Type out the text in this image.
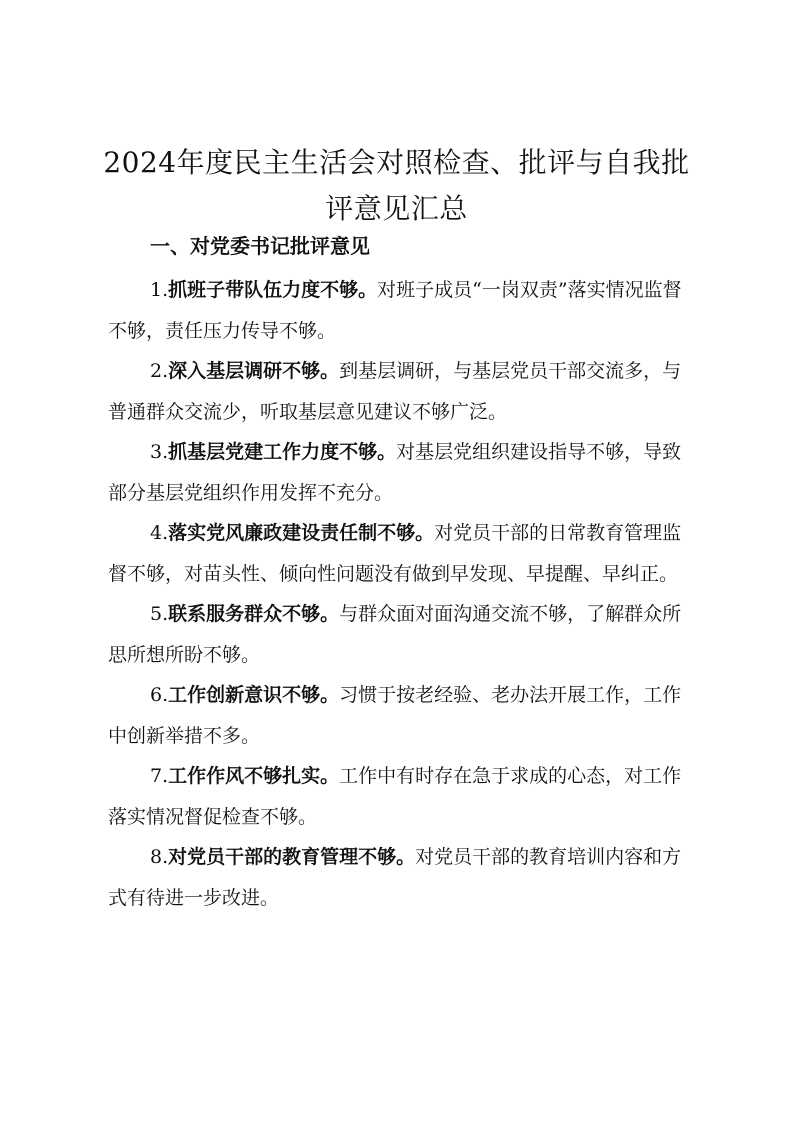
2024年度民主生活会对照检查、批评与自我批评意见汇总
一、对党委书记批评意见

1.抓班子带队伍力度不够。对班子成员“一岗双责”落实情况监督不够，责任压力传导不够。

2.深入基层调研不够。到基层调研，与基层党员干部交流多，与普通群众交流少，听取基层意见建议不够广泛。

3.抓基层党建工作力度不够。对基层党组织建设指导不够，导致部分基层党组织作用发挥不充分。

4.落实党风廉政建设责任制不够。对党员干部的日常教育管理监督不够，对苗头性、倾向性问题没有做到早发现、早提醒、早纠正。

5.联系服务群众不够。与群众面对面沟通交流不够，了解群众所思所想所盼不够。

6.工作创新意识不够。习惯于按老经验、老办法开展工作，工作中创新举措不多。

7.工作作风不够扎实。工作中有时存在急于求成的心态，对工作落实情况督促检查不够。

8.对党员干部的教育管理不够。对党员干部的教育培训内容和方式有待进一步改进。
